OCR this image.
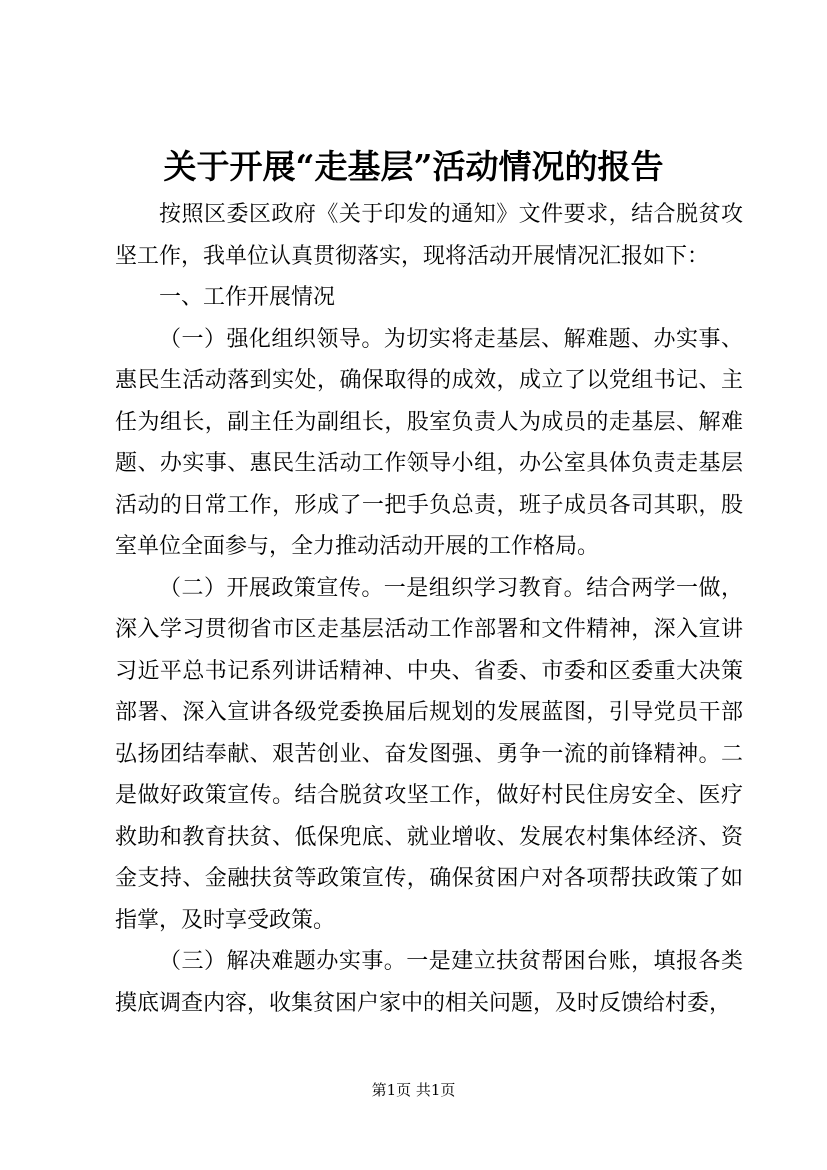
关于开展“走基层”活动情况的报告

按照区委区政府《关于印发的通知》文件要求，结合脱贫攻坚工作，我单位认真贯彻落实，现将活动开展情况汇报如下：

一、工作开展情况

（一）强化组织领导。为切实将走基层、解难题、办实事、惠民生活动落到实处，确保取得的成效，成立了以党组书记、主任为组长，副主任为副组长，股室负责人为成员的走基层、解难题、办实事、惠民生活动工作领导小组，办公室具体负责走基层活动的日常工作，形成了一把手负总责，班子成员各司其职，股室单位全面参与，全力推动活动开展的工作格局。

（二）开展政策宣传。一是组织学习教育。结合两学一做，深入学习贯彻省市区走基层活动工作部署和文件精神，深入宣讲习近平总书记系列讲话精神、中央、省委、市委和区委重大决策部署、深入宣讲各级党委换届后规划的发展蓝图，引导党员干部弘扬团结奉献、艰苦创业、奋发图强、勇争一流的前锋精神。二是做好政策宣传。结合脱贫攻坚工作，做好村民住房安全、医疗救助和教育扶贫、低保兜底、就业增收、发展农村集体经济、资金支持、金融扶贫等政策宣传，确保贫困户对各项帮扶政策了如指掌，及时享受政策。

（三）解决难题办实事。一是建立扶贫帮困台账，填报各类摸底调查内容，收集贫困户家中的相关问题，及时反馈给村委，

第1页 共1页
